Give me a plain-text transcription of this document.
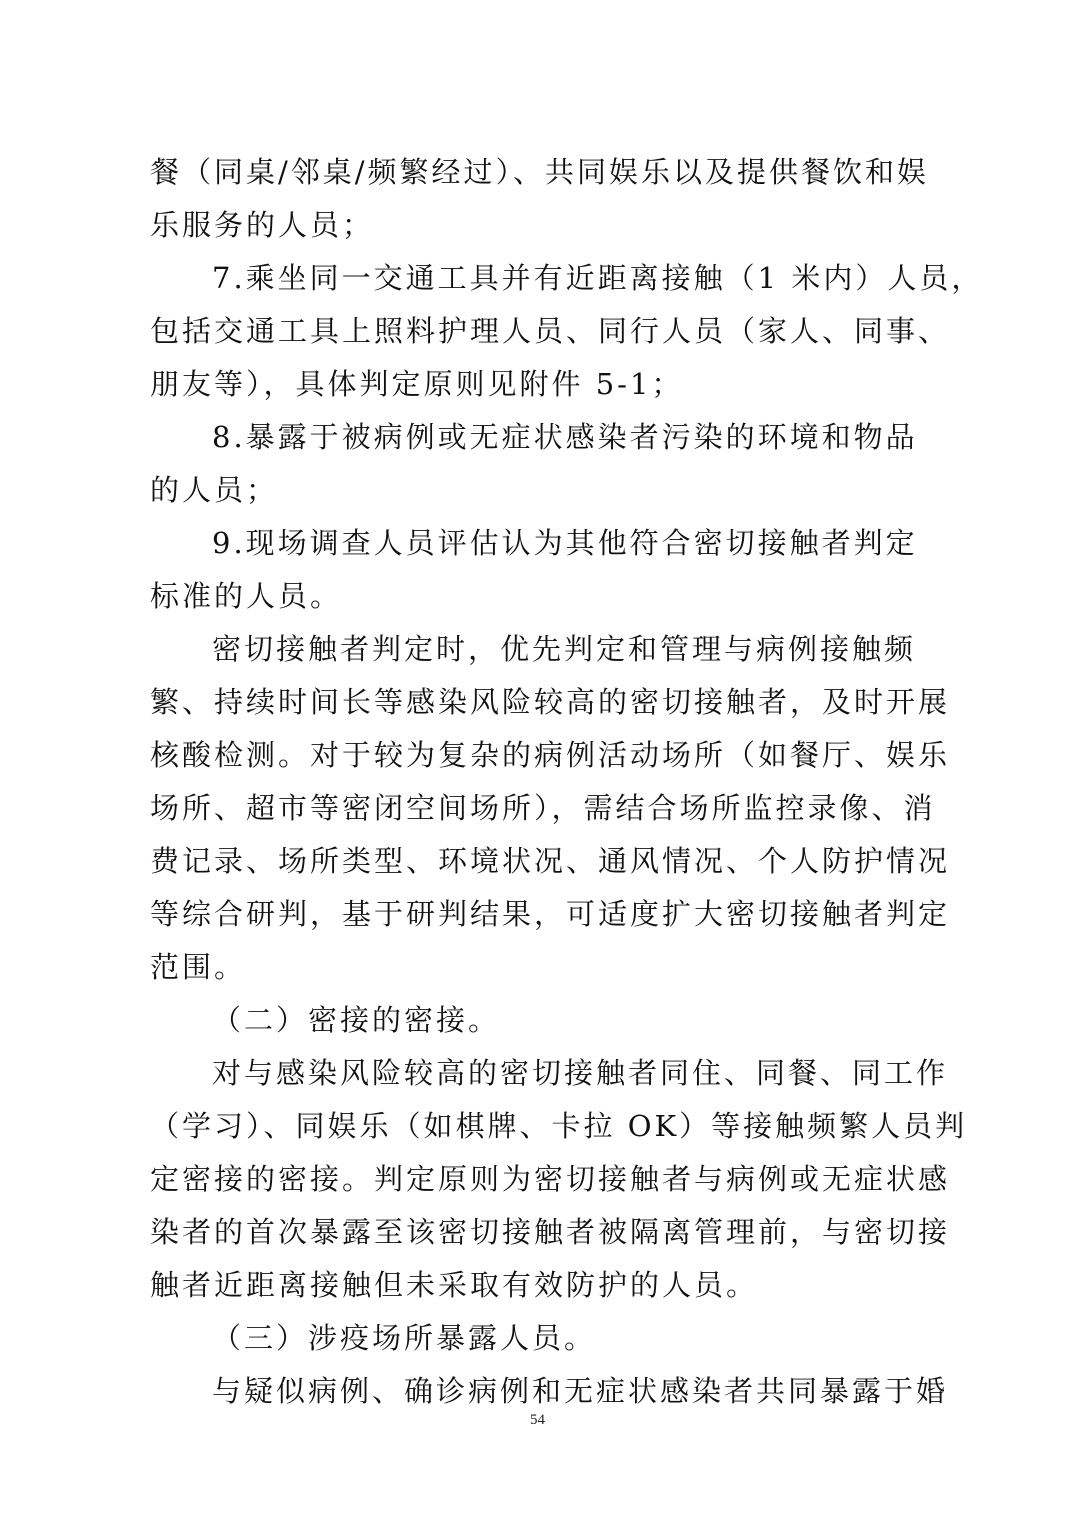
餐（同桌/邻桌/频繁经过）、共同娱乐以及提供餐饮和娱
乐服务的人员；
7.乘坐同一交通工具并有近距离接触（1 米内）人员，
包括交通工具上照料护理人员、同行人员（家人、同事、
朋友等），具体判定原则见附件 5-1；
8.暴露于被病例或无症状感染者污染的环境和物品
的人员；
9.现场调查人员评估认为其他符合密切接触者判定
标准的人员。
密切接触者判定时，优先判定和管理与病例接触频
繁、持续时间长等感染风险较高的密切接触者，及时开展
核酸检测。对于较为复杂的病例活动场所（如餐厅、娱乐
场所、超市等密闭空间场所），需结合场所监控录像、消
费记录、场所类型、环境状况、通风情况、个人防护情况
等综合研判，基于研判结果，可适度扩大密切接触者判定
范围。
（二）密接的密接。
对与感染风险较高的密切接触者同住、同餐、同工作
（学习）、同娱乐（如棋牌、卡拉 OK）等接触频繁人员判
定密接的密接。判定原则为密切接触者与病例或无症状感
染者的首次暴露至该密切接触者被隔离管理前，与密切接
触者近距离接触但未采取有效防护的人员。
（三）涉疫场所暴露人员。
与疑似病例、确诊病例和无症状感染者共同暴露于婚
54
